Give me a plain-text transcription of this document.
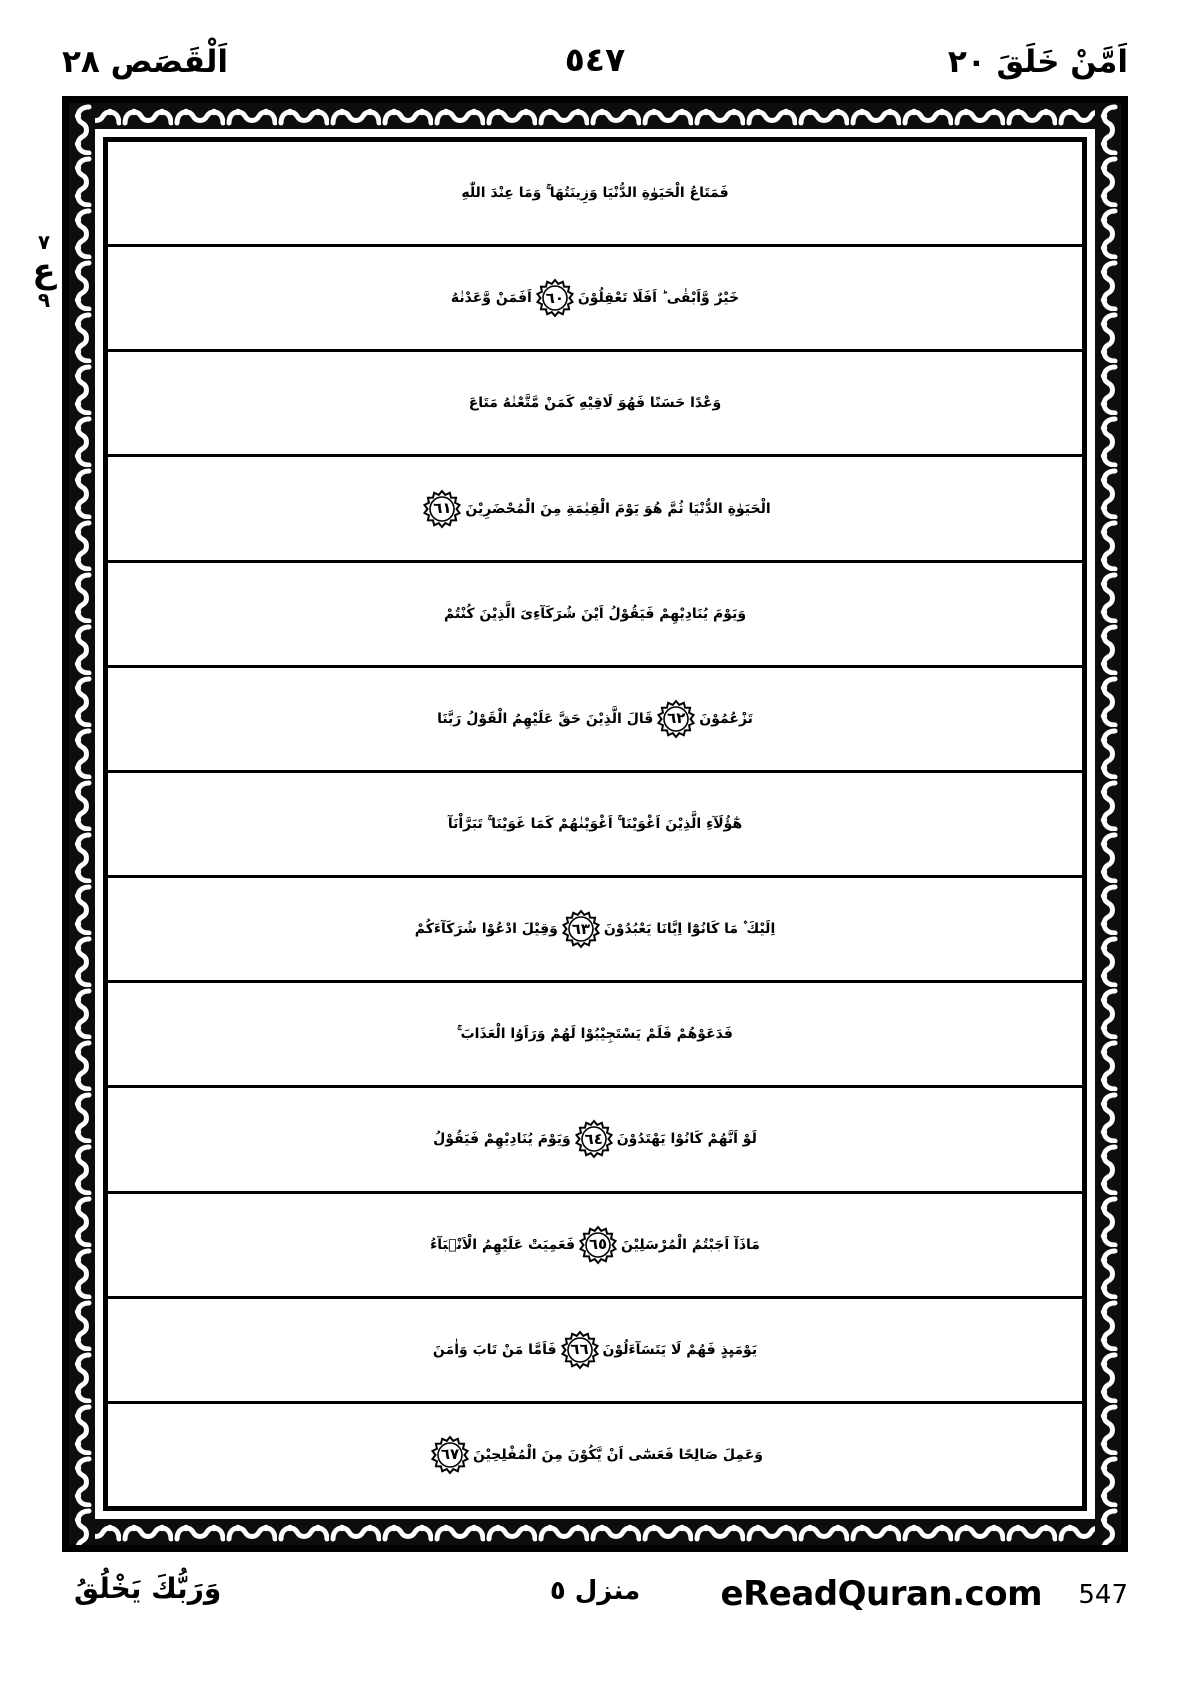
اَلْقَصَص ٢٨	٥٤٧	اَمَّنْ خَلَقَ ٢٠
٧
ع
٩
فَمَتَاعُ الْحَيَوٰةِ الدُّنْيَا وَزِينَتُهَا ۚ وَمَا عِنْدَ اللّٰهِ
خَيْرٌ وَّاَبْقٰى ؕ اَفَلَا تَعْقِلُوْنَ
٦٠
اَفَمَنْ وَّعَدْنٰهُ
وَعْدًا حَسَنًا فَهُوَ لَاقِيْهِ كَمَنْ مَّتَّعْنٰهُ مَتَاعَ
الْحَيَوٰةِ الدُّنْيَا ثُمَّ هُوَ يَوْمَ الْقِيٰمَةِ مِنَ الْمُحْضَرِيْنَ
٦١
وَيَوْمَ يُنَادِيْهِمْ فَيَقُوْلُ اَيْنَ شُرَكَآءِىَ الَّذِيْنَ كُنْتُمْ
تَزْعُمُوْنَ
٦٢
قَالَ الَّذِيْنَ حَقَّ عَلَيْهِمُ الْقَوْلُ رَبَّنَا
هٰٓؤُلَآءِ الَّذِيْنَ اَغْوَيْنَا ۚ اَغْوَيْنٰهُمْ كَمَا غَوَيْنَا ۚ تَبَرَّاْنَآ
اِلَيْكَ ۫ مَا كَانُوْٓا اِيَّانَا يَعْبُدُوْنَ
٦٣
وَقِيْلَ ادْعُوْا شُرَكَآءَكُمْ
فَدَعَوْهُمْ فَلَمْ يَسْتَجِيْبُوْا لَهُمْ وَرَاَوُا الْعَذَابَ ۚ
لَوْ اَنَّهُمْ كَانُوْا يَهْتَدُوْنَ
٦٤
وَيَوْمَ يُنَادِيْهِمْ فَيَقُوْلُ
مَاذَآ اَجَبْتُمُ الْمُرْسَلِيْنَ
٦٥
فَعَمِيَتْ عَلَيْهِمُ الْاَنْۢبَآءُ
يَوْمَىِٕذٍ فَهُمْ لَا يَتَسَآءَلُوْنَ
٦٦
فَاَمَّا مَنْ تَابَ وَاٰمَنَ
وَعَمِلَ صَالِحًا فَعَسٰٓى اَنْ يَّكُوْنَ مِنَ الْمُفْلِحِيْنَ
٦٧
وَرَبُّكَ يَخْلُقُ	منزل ٥ eReadQuran.com 547
